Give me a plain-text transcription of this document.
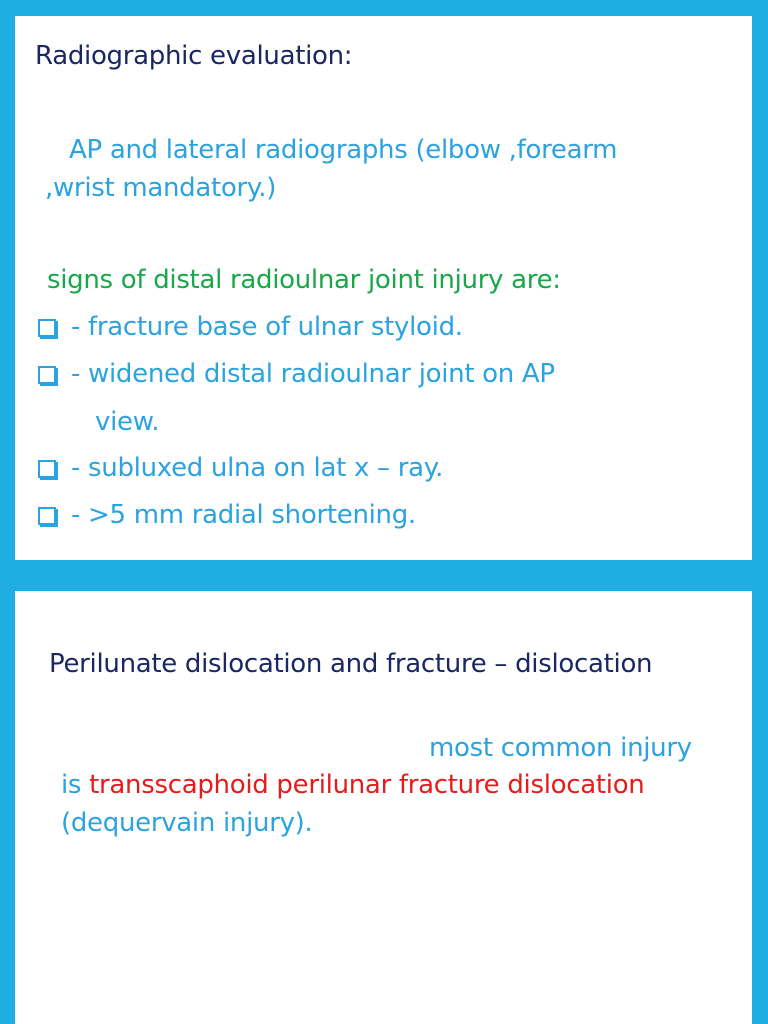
Radiographic evaluation:
AP and lateral radiographs (elbow ,forearm
,wrist mandatory.)
signs of distal radioulnar joint injury are:
- fracture base of ulnar styloid.
- widened distal radioulnar joint on AP
view.
- subluxed ulna on lat x – ray.
- >5 mm radial shortening.
Perilunate dislocation and fracture – dislocation
most common injury
is transscaphoid perilunar fracture dislocation
(dequervain injury).
